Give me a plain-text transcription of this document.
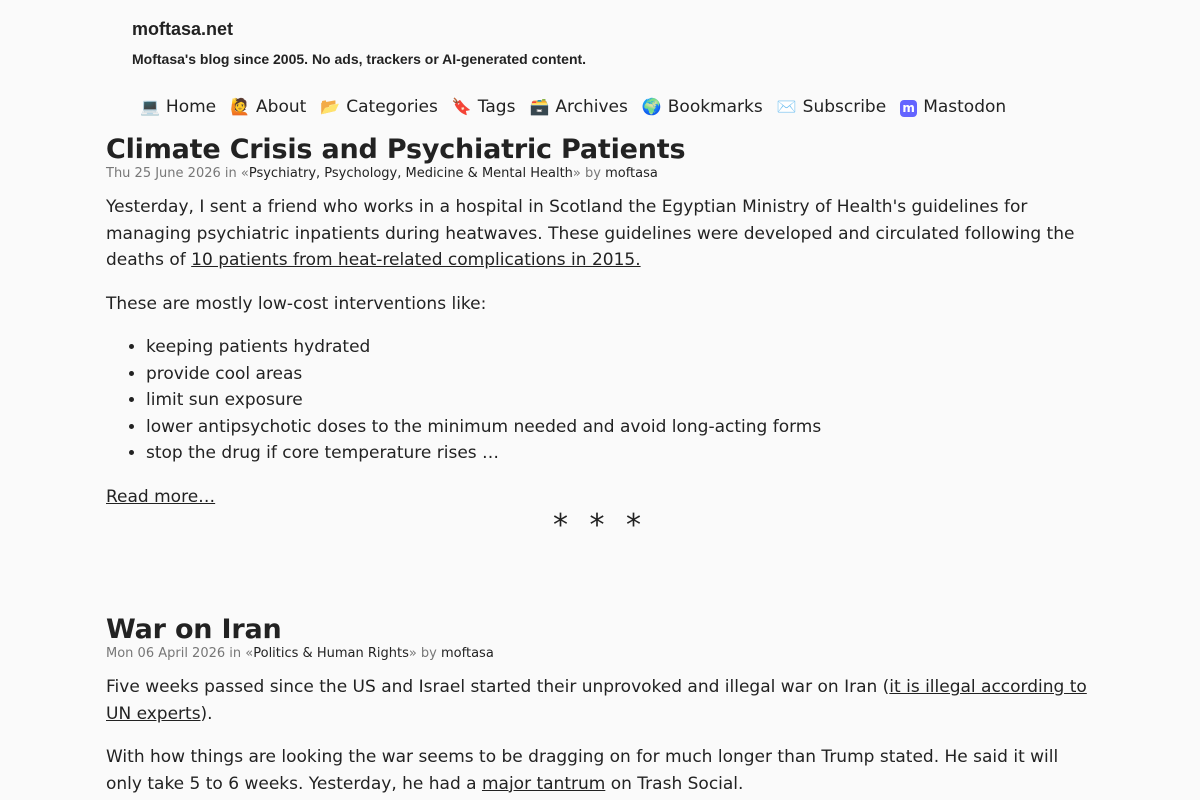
moftasa.net
Moftasa's blog since 2005. No ads, trackers or AI-generated content.
💻 Home 🙋 About 📂 Categories 🔖 Tags 🗃️ Archives 🌍 Bookmarks ✉️ Subscribe m Mastodon
Climate Crisis and Psychiatric Patients
Thu 25 June 2026 in «Psychiatry, Psychology, Medicine & Mental Health» by moftasa

Yesterday, I sent a friend who works in a hospital in Scotland the Egyptian Ministry of Health's guidelines for managing psychiatric inpatients during heatwaves. These guidelines were developed and circulated following the deaths of 10 patients from heat-related complications in 2015.

These are mostly low-cost interventions like:

• keeping patients hydrated
• provide cool areas
• limit sun exposure
• lower antipsychotic doses to the minimum needed and avoid long-acting forms
• stop the drug if core temperature rises …

Read more…

* * *
War on Iran
Mon 06 April 2026 in «Politics & Human Rights» by moftasa

Five weeks passed since the US and Israel started their unprovoked and illegal war on Iran (it is illegal according to UN experts).

With how things are looking the war seems to be dragging on for much longer than Trump stated. He said it will only take 5 to 6 weeks. Yesterday, he had a major tantrum on Trash Social.
